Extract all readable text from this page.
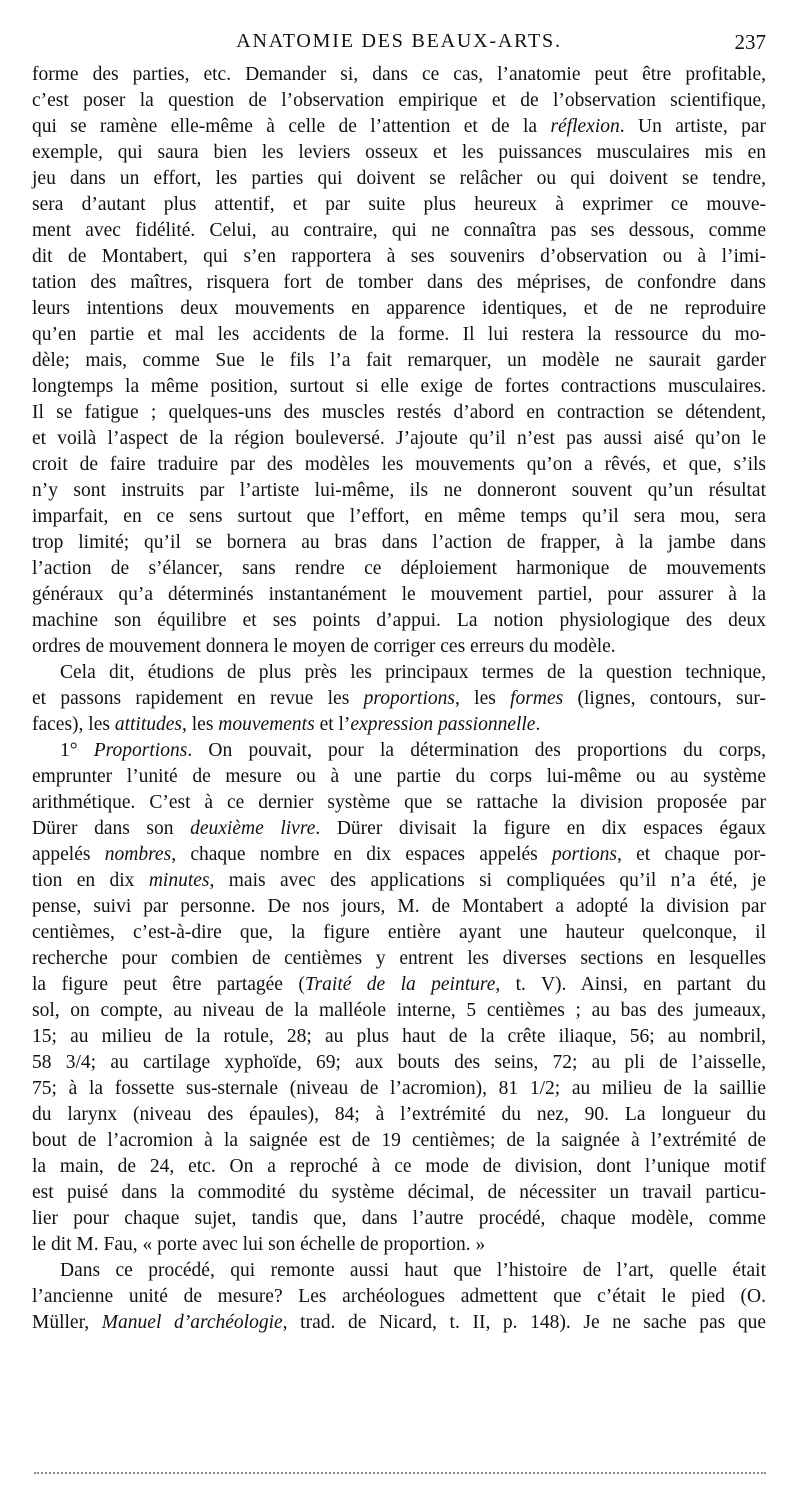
ANATOMIE DES BEAUX-ARTS.	237
forme des parties, etc. Demander si, dans ce cas, l’anatomie peut être profitable,
c’est poser la question de l’observation empirique et de l’observation scientifique,
qui se ramène elle-même à celle de l’attention et de la réflexion. Un artiste, par
exemple, qui saura bien les leviers osseux et les puissances musculaires mis en
jeu dans un effort, les parties qui doivent se relâcher ou qui doivent se tendre,
sera d’autant plus attentif, et par suite plus heureux à exprimer ce mouve-
ment avec fidélité. Celui, au contraire, qui ne connaîtra pas ses dessous, comme
dit de Montabert, qui s’en rapportera à ses souvenirs d’observation ou à l’imi-
tation des maîtres, risquera fort de tomber dans des méprises, de confondre dans
leurs intentions deux mouvements en apparence identiques, et de ne reproduire
qu’en partie et mal les accidents de la forme. Il lui restera la ressource du mo-
dèle; mais, comme Sue le fils l’a fait remarquer, un modèle ne saurait garder
longtemps la même position, surtout si elle exige de fortes contractions musculaires.
Il se fatigue ; quelques-uns des muscles restés d’abord en contraction se détendent,
et voilà l’aspect de la région bouleversé. J’ajoute qu’il n’est pas aussi aisé qu’on le
croit de faire traduire par des modèles les mouvements qu’on a rêvés, et que, s’ils
n’y sont instruits par l’artiste lui-même, ils ne donneront souvent qu’un résultat
imparfait, en ce sens surtout que l’effort, en même temps qu’il sera mou, sera
trop limité; qu’il se bornera au bras dans l’action de frapper, à la jambe dans
l’action de s’élancer, sans rendre ce déploiement harmonique de mouvements
généraux qu’a déterminés instantanément le mouvement partiel, pour assurer à la
machine son équilibre et ses points d’appui. La notion physiologique des deux
ordres de mouvement donnera le moyen de corriger ces erreurs du modèle.
Cela dit, étudions de plus près les principaux termes de la question technique,
et passons rapidement en revue les proportions, les formes (lignes, contours, sur-
faces), les attitudes, les mouvements et l’expression passionnelle.
1° Proportions. On pouvait, pour la détermination des proportions du corps,
emprunter l’unité de mesure ou à une partie du corps lui-même ou au système
arithmétique. C’est à ce dernier système que se rattache la division proposée par
Dürer dans son deuxième livre. Dürer divisait la figure en dix espaces égaux
appelés nombres, chaque nombre en dix espaces appelés portions, et chaque por-
tion en dix minutes, mais avec des applications si compliquées qu’il n’a été, je
pense, suivi par personne. De nos jours, M. de Montabert a adopté la division par
centièmes, c’est-à-dire que, la figure entière ayant une hauteur quelconque, il
recherche pour combien de centièmes y entrent les diverses sections en lesquelles
la figure peut être partagée (Traité de la peinture, t. V). Ainsi, en partant du
sol, on compte, au niveau de la malléole interne, 5 centièmes ; au bas des jumeaux,
15; au milieu de la rotule, 28; au plus haut de la crête iliaque, 56; au nombril,
58 3/4; au cartilage xyphoïde, 69; aux bouts des seins, 72; au pli de l’aisselle,
75; à la fossette sus-sternale (niveau de l’acromion), 81 1/2; au milieu de la saillie
du larynx (niveau des épaules), 84; à l’extrémité du nez, 90. La longueur du
bout de l’acromion à la saignée est de 19 centièmes; de la saignée à l’extrémité de
la main, de 24, etc. On a reproché à ce mode de division, dont l’unique motif
est puisé dans la commodité du système décimal, de nécessiter un travail particu-
lier pour chaque sujet, tandis que, dans l’autre procédé, chaque modèle, comme
le dit M. Fau, « porte avec lui son échelle de proportion. »
Dans ce procédé, qui remonte aussi haut que l’histoire de l’art, quelle était
l’ancienne unité de mesure? Les archéologues admettent que c’était le pied (O.
Müller, Manuel d’archéologie, trad. de Nicard, t. II, p. 148). Je ne sache pas que
